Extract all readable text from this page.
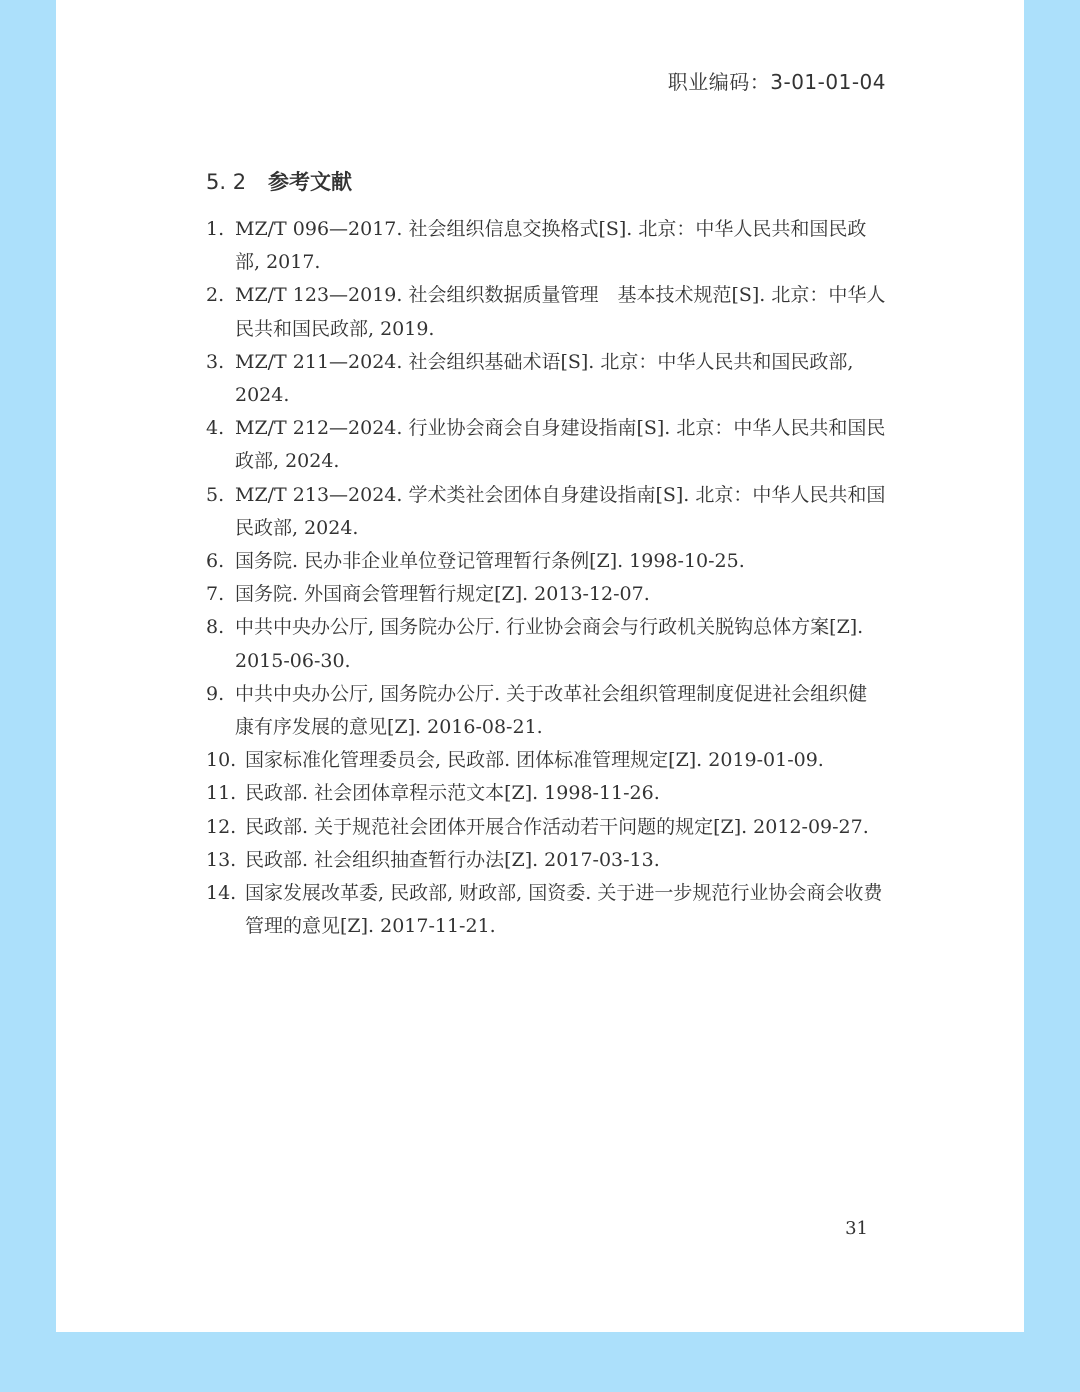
职业编码：3-01-01-04
5. 2 参考文献
1. MZ/T 096—2017. 社会组织信息交换格式[S]. 北京：中华人民共和国民政部, 2017.
2. MZ/T 123—2019. 社会组织数据质量管理　基本技术规范[S]. 北京：中华人民共和国民政部, 2019.
3. MZ/T 211—2024. 社会组织基础术语[S]. 北京：中华人民共和国民政部, 2024.
4. MZ/T 212—2024. 行业协会商会自身建设指南[S]. 北京：中华人民共和国民政部, 2024.
5. MZ/T 213—2024. 学术类社会团体自身建设指南[S]. 北京：中华人民共和国民政部, 2024.
6. 国务院. 民办非企业单位登记管理暂行条例[Z]. 1998-10-25.
7. 国务院. 外国商会管理暂行规定[Z]. 2013-12-07.
8. 中共中央办公厅, 国务院办公厅. 行业协会商会与行政机关脱钩总体方案[Z]. 2015-06-30.
9. 中共中央办公厅, 国务院办公厅. 关于改革社会组织管理制度促进社会组织健康有序发展的意见[Z]. 2016-08-21.
10. 国家标准化管理委员会, 民政部. 团体标准管理规定[Z]. 2019-01-09.
11. 民政部. 社会团体章程示范文本[Z]. 1998-11-26.
12. 民政部. 关于规范社会团体开展合作活动若干问题的规定[Z]. 2012-09-27.
13. 民政部. 社会组织抽查暂行办法[Z]. 2017-03-13.
14. 国家发展改革委, 民政部, 财政部, 国资委. 关于进一步规范行业协会商会收费管理的意见[Z]. 2017-11-21.
31
